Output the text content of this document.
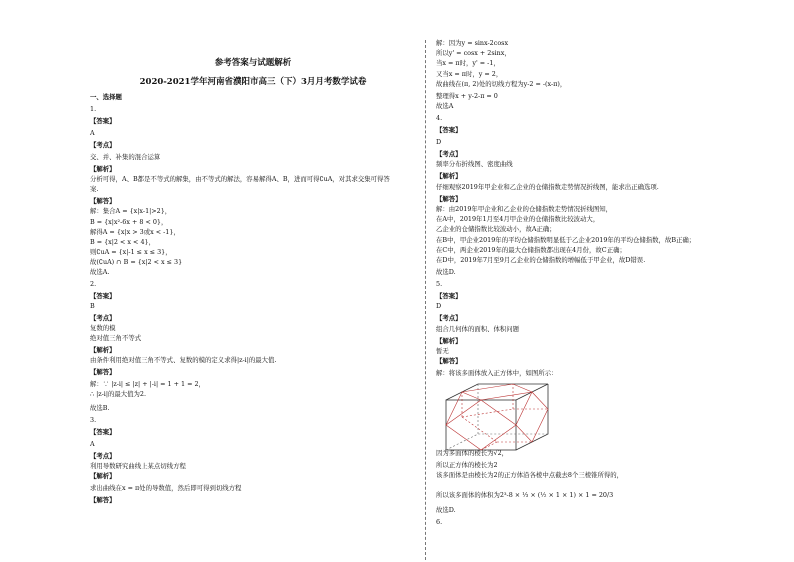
参考答案与试题解析
2020-2021学年河南省濮阳市高三（下）3月月考数学试卷
一、选择题
1.
【答案】
A
【考点】
交、并、补集的混合运算
【解析】
分析可得，A、B都是不等式的解集，由不等式的解法，容易解得A、B，进而可得∁uA，对其求交集可得答
案.
【解答】
解：集合A = {x|x-1|>2}，
B = {x|x²-6x + 8 < 0}，
解得A = {x|x > 3或x < -1}，
B = {x|2 < x < 4}，
则∁uA = {x|-1 ≤ x ≤ 3}，
故(∁uA) ∩ B = {x|2 < x ≤ 3}
故选A.
2.
【答案】
B
【考点】
复数的模
绝对值三角不等式
【解析】
由条件利用绝对值三角不等式、复数的模的定义求得|z-i|的最大值.
【解答】
解：∵ |z-i| ≤ |z| + |-i| = 1 + 1 = 2，
∴ |z-i|的最大值为2.
故选B.
3.
【答案】
A
【考点】
利用导数研究曲线上某点切线方程
【解析】
求出曲线在x = π处的导数值，然后即可得到切线方程
【解答】
解：因为y = sinx-2cosx
所以y' = cosx + 2sinx，
当x = π时，y' = -1，
又当x = π时，y = 2，
故曲线在(π, 2)处的切线方程为y-2 = -(x-π)，
整理得x + y-2-π = 0
故选A
4.
【答案】
D
【考点】
频率分布折线图、密度曲线
【解析】
仔细观察2019年甲企业和乙企业的仓储指数走势情况折线图，能求出正确选项.
【解答】
解：由2019年甲企业和乙企业的仓储指数走势情况折线图知，
在A中，2019年1月至4月甲企业的仓储指数比较波动大，
乙企业的仓储指数比较波动小，故A正确；
在B中，甲企业2019年的平均仓储指数明显低于乙企业2019年的平均仓储指数，故B正确；
在C中，两企业2019年的最大仓储指数都出现在4月份，故C正确；
在D中，2019年7月至9月乙企业的仓储指数的增幅低于甲企业，故D错误.
故选D.
5.
【答案】
D
【考点】
组合几何体的面积、体积问题
【解析】
暂无
【解答】
解：将该多面体放入正方体中，如图所示：
因为多面体的棱长为√2，
所以正方体的棱长为2
该多面体是由棱长为2的正方体沿各棱中点截去8个三棱锥所得的，
所以该多面体的体积为2³-8 × ⅓ × (½ × 1 × 1) × 1 = 20/3
故选D.
6.
